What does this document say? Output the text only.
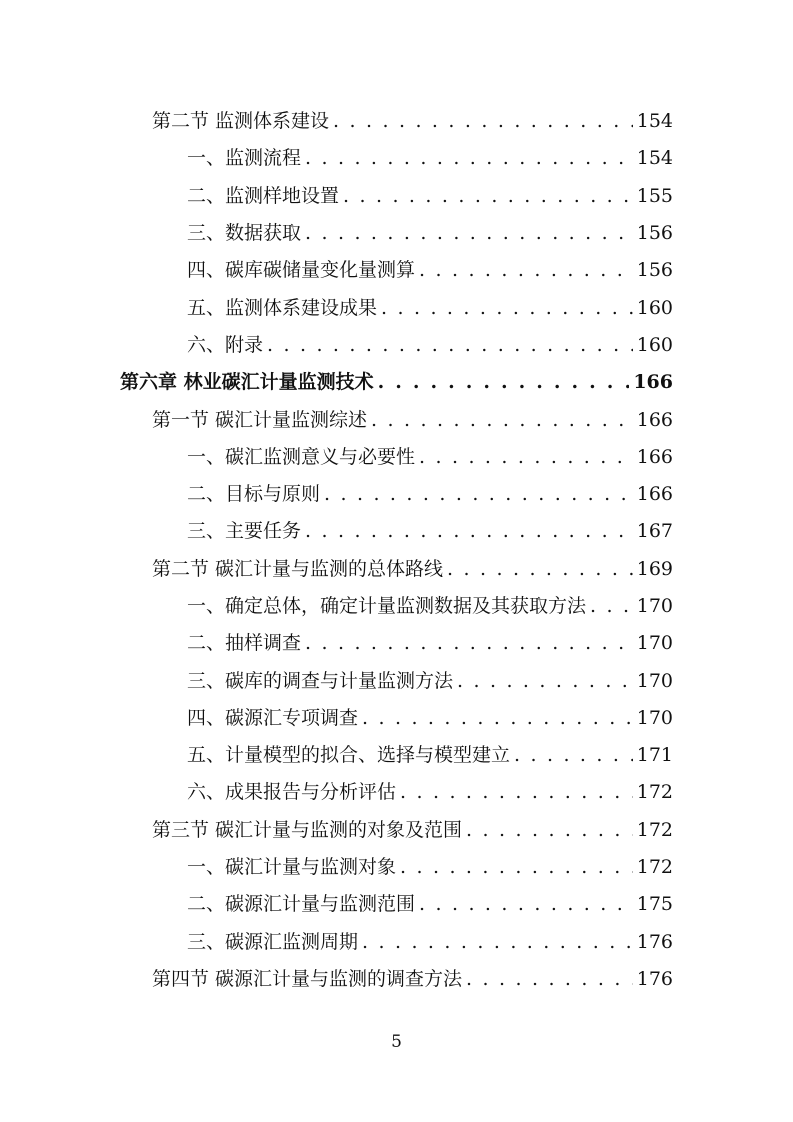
第二节 监测体系建设 . . .	154
一、监测流程 . . .	154
二、监测样地设置 . . .	155
三、数据获取 . . .	156
四、碳库碳储量变化量测算 . . .	156
五、监测体系建设成果 . . .	160
六、附录 . . .	160
第六章 林业碳汇计量监测技术 . . .	166
第一节 碳汇计量监测综述 . . .	166
一、碳汇监测意义与必要性 . . .	166
二、目标与原则 . . .	166
三、主要任务 . . .	167
第二节 碳汇计量与监测的总体路线 . . .	169
一、确定总体，确定计量监测数据及其获取方法 . . .	170
二、抽样调查 . . .	170
三、碳库的调查与计量监测方法 . . .	170
四、碳源汇专项调查 . . .	170
五、计量模型的拟合、选择与模型建立 . . .	171
六、成果报告与分析评估 . . .	172
第三节 碳汇计量与监测的对象及范围 . . .	172
一、碳汇计量与监测对象 . . .	172
二、碳源汇计量与监测范围 . . .	175
三、碳源汇监测周期 . . .	176
第四节 碳源汇计量与监测的调查方法 . . .	176
5
